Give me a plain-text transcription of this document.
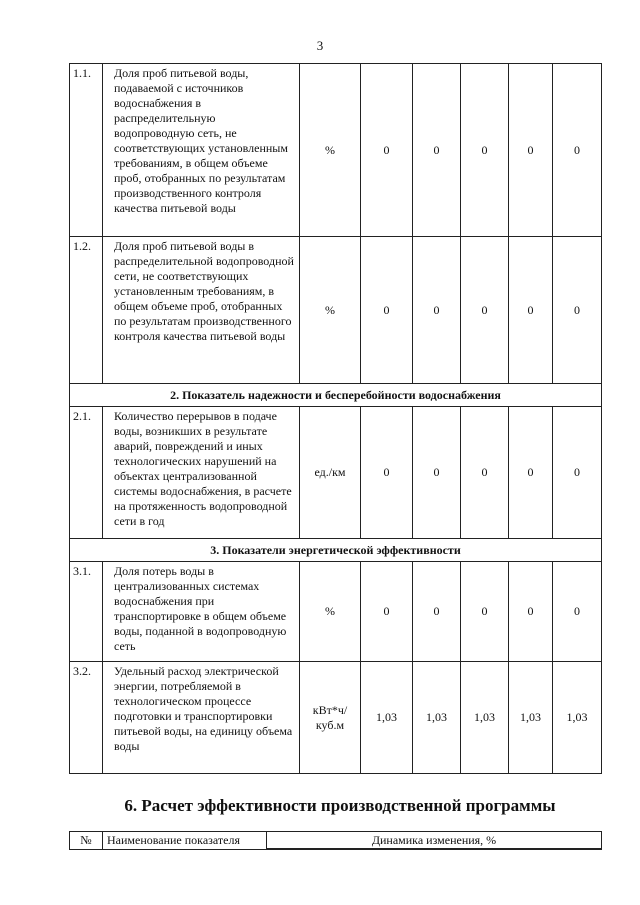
3
1.1.	Доля проб питьевой воды, подаваемой с источников водоснабжения в распределительную водопроводную сеть, не соответствующих установленным требованиям, в общем объеме проб, отобранных по результатам производственного контроля качества питьевой воды	%	0	0	0	0	0
1.2.	Доля проб питьевой воды в распределительной водопроводной сети, не соответствующих установленным требованиям, в общем объеме проб, отобранных по результатам производственного контроля качества питьевой воды	%	0	0	0	0	0
2. Показатель надежности и бесперебойности водоснабжения							
2.1.	Количество перерывов в подаче воды, возникших в результате аварий, повреждений и иных технологических нарушений на объектах централизованной системы водоснабжения, в расчете на протяженность водопроводной сети в год	ед./км	0	0	0	0	0
3. Показатели энергетической эффективности							
3.1.	Доля потерь воды в централизованных системах водоснабжения при транспортировке в общем объеме воды, поданной в водопроводную сеть	%	0	0	0	0	0
3.2.	Удельный расход электрической энергии, потребляемой в технологическом процессе подготовки и транспортировки питьевой воды, на единицу объема воды	кВт*ч/ куб.м	1,03	1,03	1,03	1,03	1,03
6. Расчет эффективности производственной программы
№	Наименование показателя	Динамика изменения, %
